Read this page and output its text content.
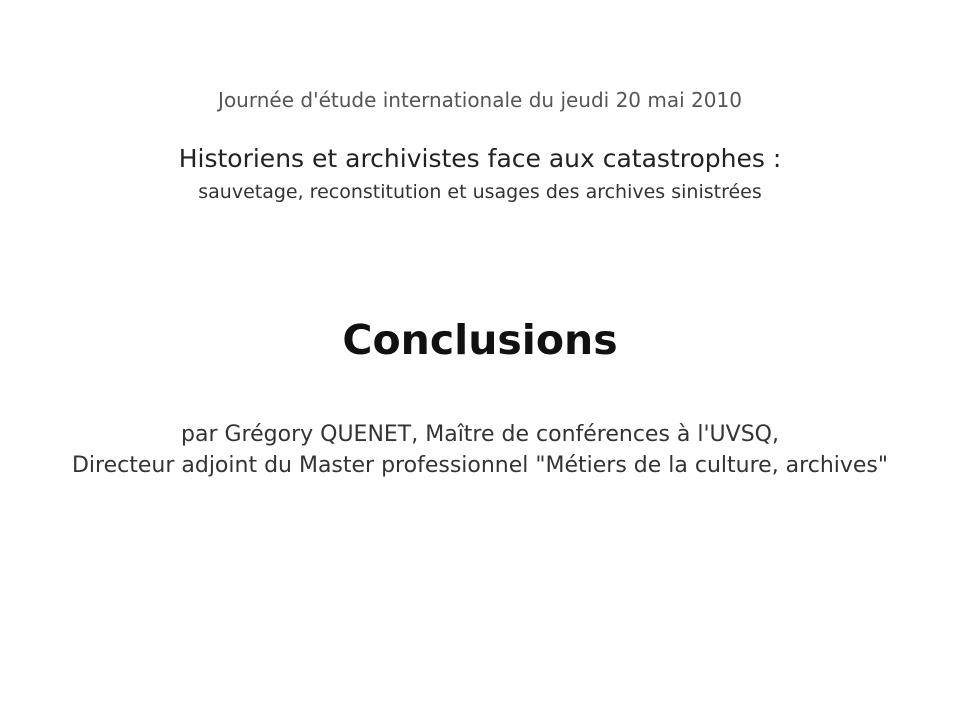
Journée d'étude internationale du jeudi 20 mai 2010
Historiens et archivistes face aux catastrophes :
sauvetage, reconstitution et usages des archives sinistrées
Conclusions
par Grégory QUENET, Maître de conférences à l'UVSQ,
Directeur adjoint du Master professionnel "Métiers de la culture, archives"
